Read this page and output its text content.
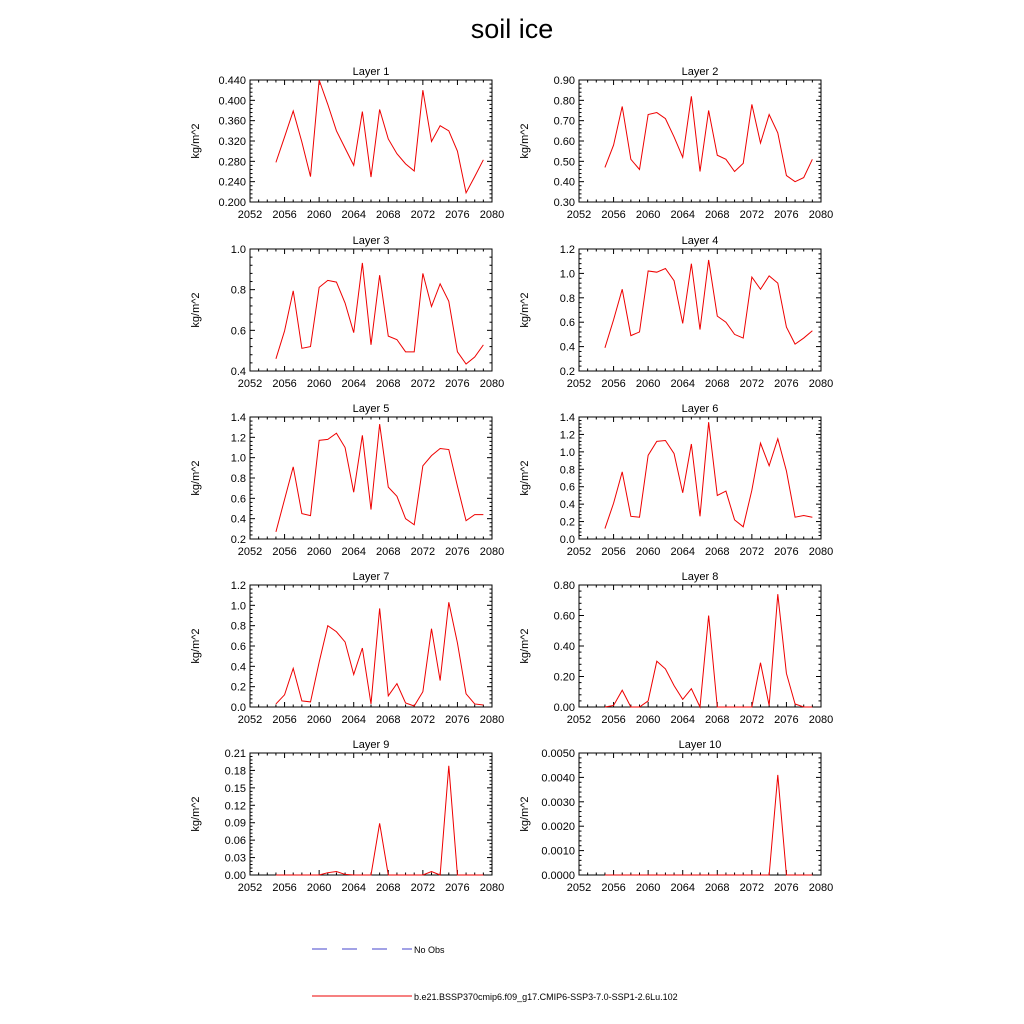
soil ice
Layer 1
kg/m^2
2052 2056 2060 2064 2068 2072 2076 2080
0.200
0.240
0.280
0.320
0.360
0.400
0.440
Layer 2
kg/m^2
2052 2056 2060 2064 2068 2072 2076 2080
0.30
0.40
0.50
0.60
0.70
0.80
0.90
Layer 3
kg/m^2
2052 2056 2060 2064 2068 2072 2076 2080
0.4
0.6
0.8
1.0
Layer 4
kg/m^2
2052 2056 2060 2064 2068 2072 2076 2080
0.2
0.4
0.6
0.8
1.0
1.2
Layer 5
kg/m^2
2052 2056 2060 2064 2068 2072 2076 2080
0.2
0.4
0.6
0.8
1.0
1.2
1.4
Layer 6
kg/m^2
2052 2056 2060 2064 2068 2072 2076 2080
0.0
0.2
0.4
0.6
0.8
1.0
1.2
1.4
Layer 7
kg/m^2
2052 2056 2060 2064 2068 2072 2076 2080
0.0
0.2
0.4
0.6
0.8
1.0
1.2
Layer 8
kg/m^2
2052 2056 2060 2064 2068 2072 2076 2080
0.00
0.20
0.40
0.60
0.80
Layer 9
kg/m^2
2052 2056 2060 2064 2068 2072 2076 2080
0.00
0.03
0.06
0.09
0.12
0.15
0.18
0.21
Layer 10
kg/m^2
2052 2056 2060 2064 2068 2072 2076 2080
0.0000
0.0010
0.0020
0.0030
0.0040
0.0050
No Obs
b.e21.BSSP370cmip6.f09_g17.CMIP6-SSP3-7.0-SSP1-2.6Lu.102
